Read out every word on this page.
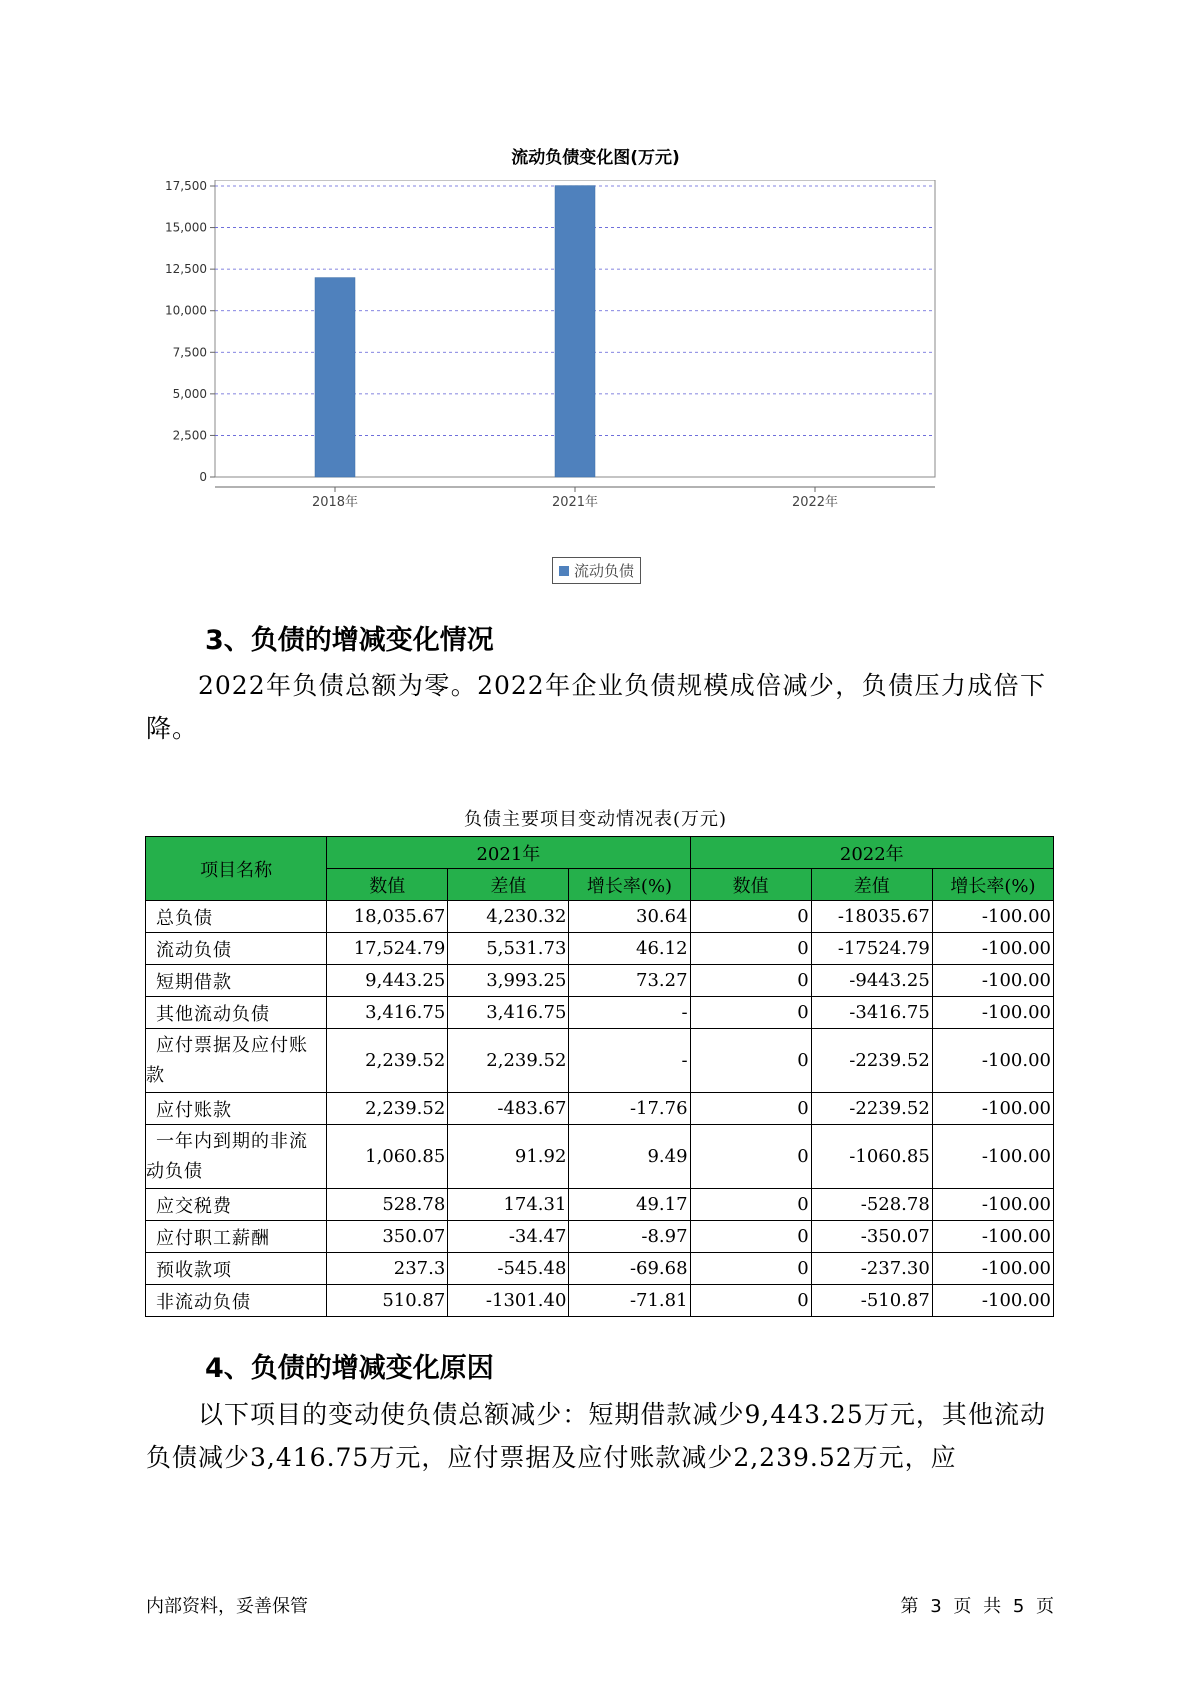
流动负债变化图(万元)
0
2,500
5,000
7,500
10,000
12,500
15,000
17,500
2018年	2021年	2022年
流动负债
3、负债的增减变化情况
2022年负债总额为零。2022年企业负债规模成倍减少，负债压力成倍下降。
负债主要项目变动情况表(万元)
项目名称	2021年			2022年		
	数值	差值	增长率(%)	数值	差值	增长率(%)
总负债	18,035.67	4,230.32	30.64	0	-18035.67	-100.00
流动负债	17,524.79	5,531.73	46.12	0	-17524.79	-100.00
短期借款	9,443.25	3,993.25	73.27	0	-9443.25	-100.00
其他流动负债	3,416.75	3,416.75	-	0	-3416.75	-100.00

应付票据及应付账
款	2,239.52	2,239.52	-	0	-2239.52	-100.00
应付账款	2,239.52	-483.67	-17.76	0	-2239.52	-100.00

一年内到期的非流
动负债	1,060.85	91.92	9.49	0	-1060.85	-100.00
应交税费	528.78	174.31	49.17	0	-528.78	-100.00
应付职工薪酬	350.07	-34.47	-8.97	0	-350.07	-100.00
预收款项	237.3	-545.48	-69.68	0	-237.30	-100.00
非流动负债	510.87	-1301.40	-71.81	0	-510.87	-100.00
4、负债的增减变化原因
以下项目的变动使负债总额减少：短期借款减少9,443.25万元，其他流动负债减少3,416.75万元，应付票据及应付账款减少2,239.52万元，应
内部资料，妥善保管	第 3 页 共 5 页
